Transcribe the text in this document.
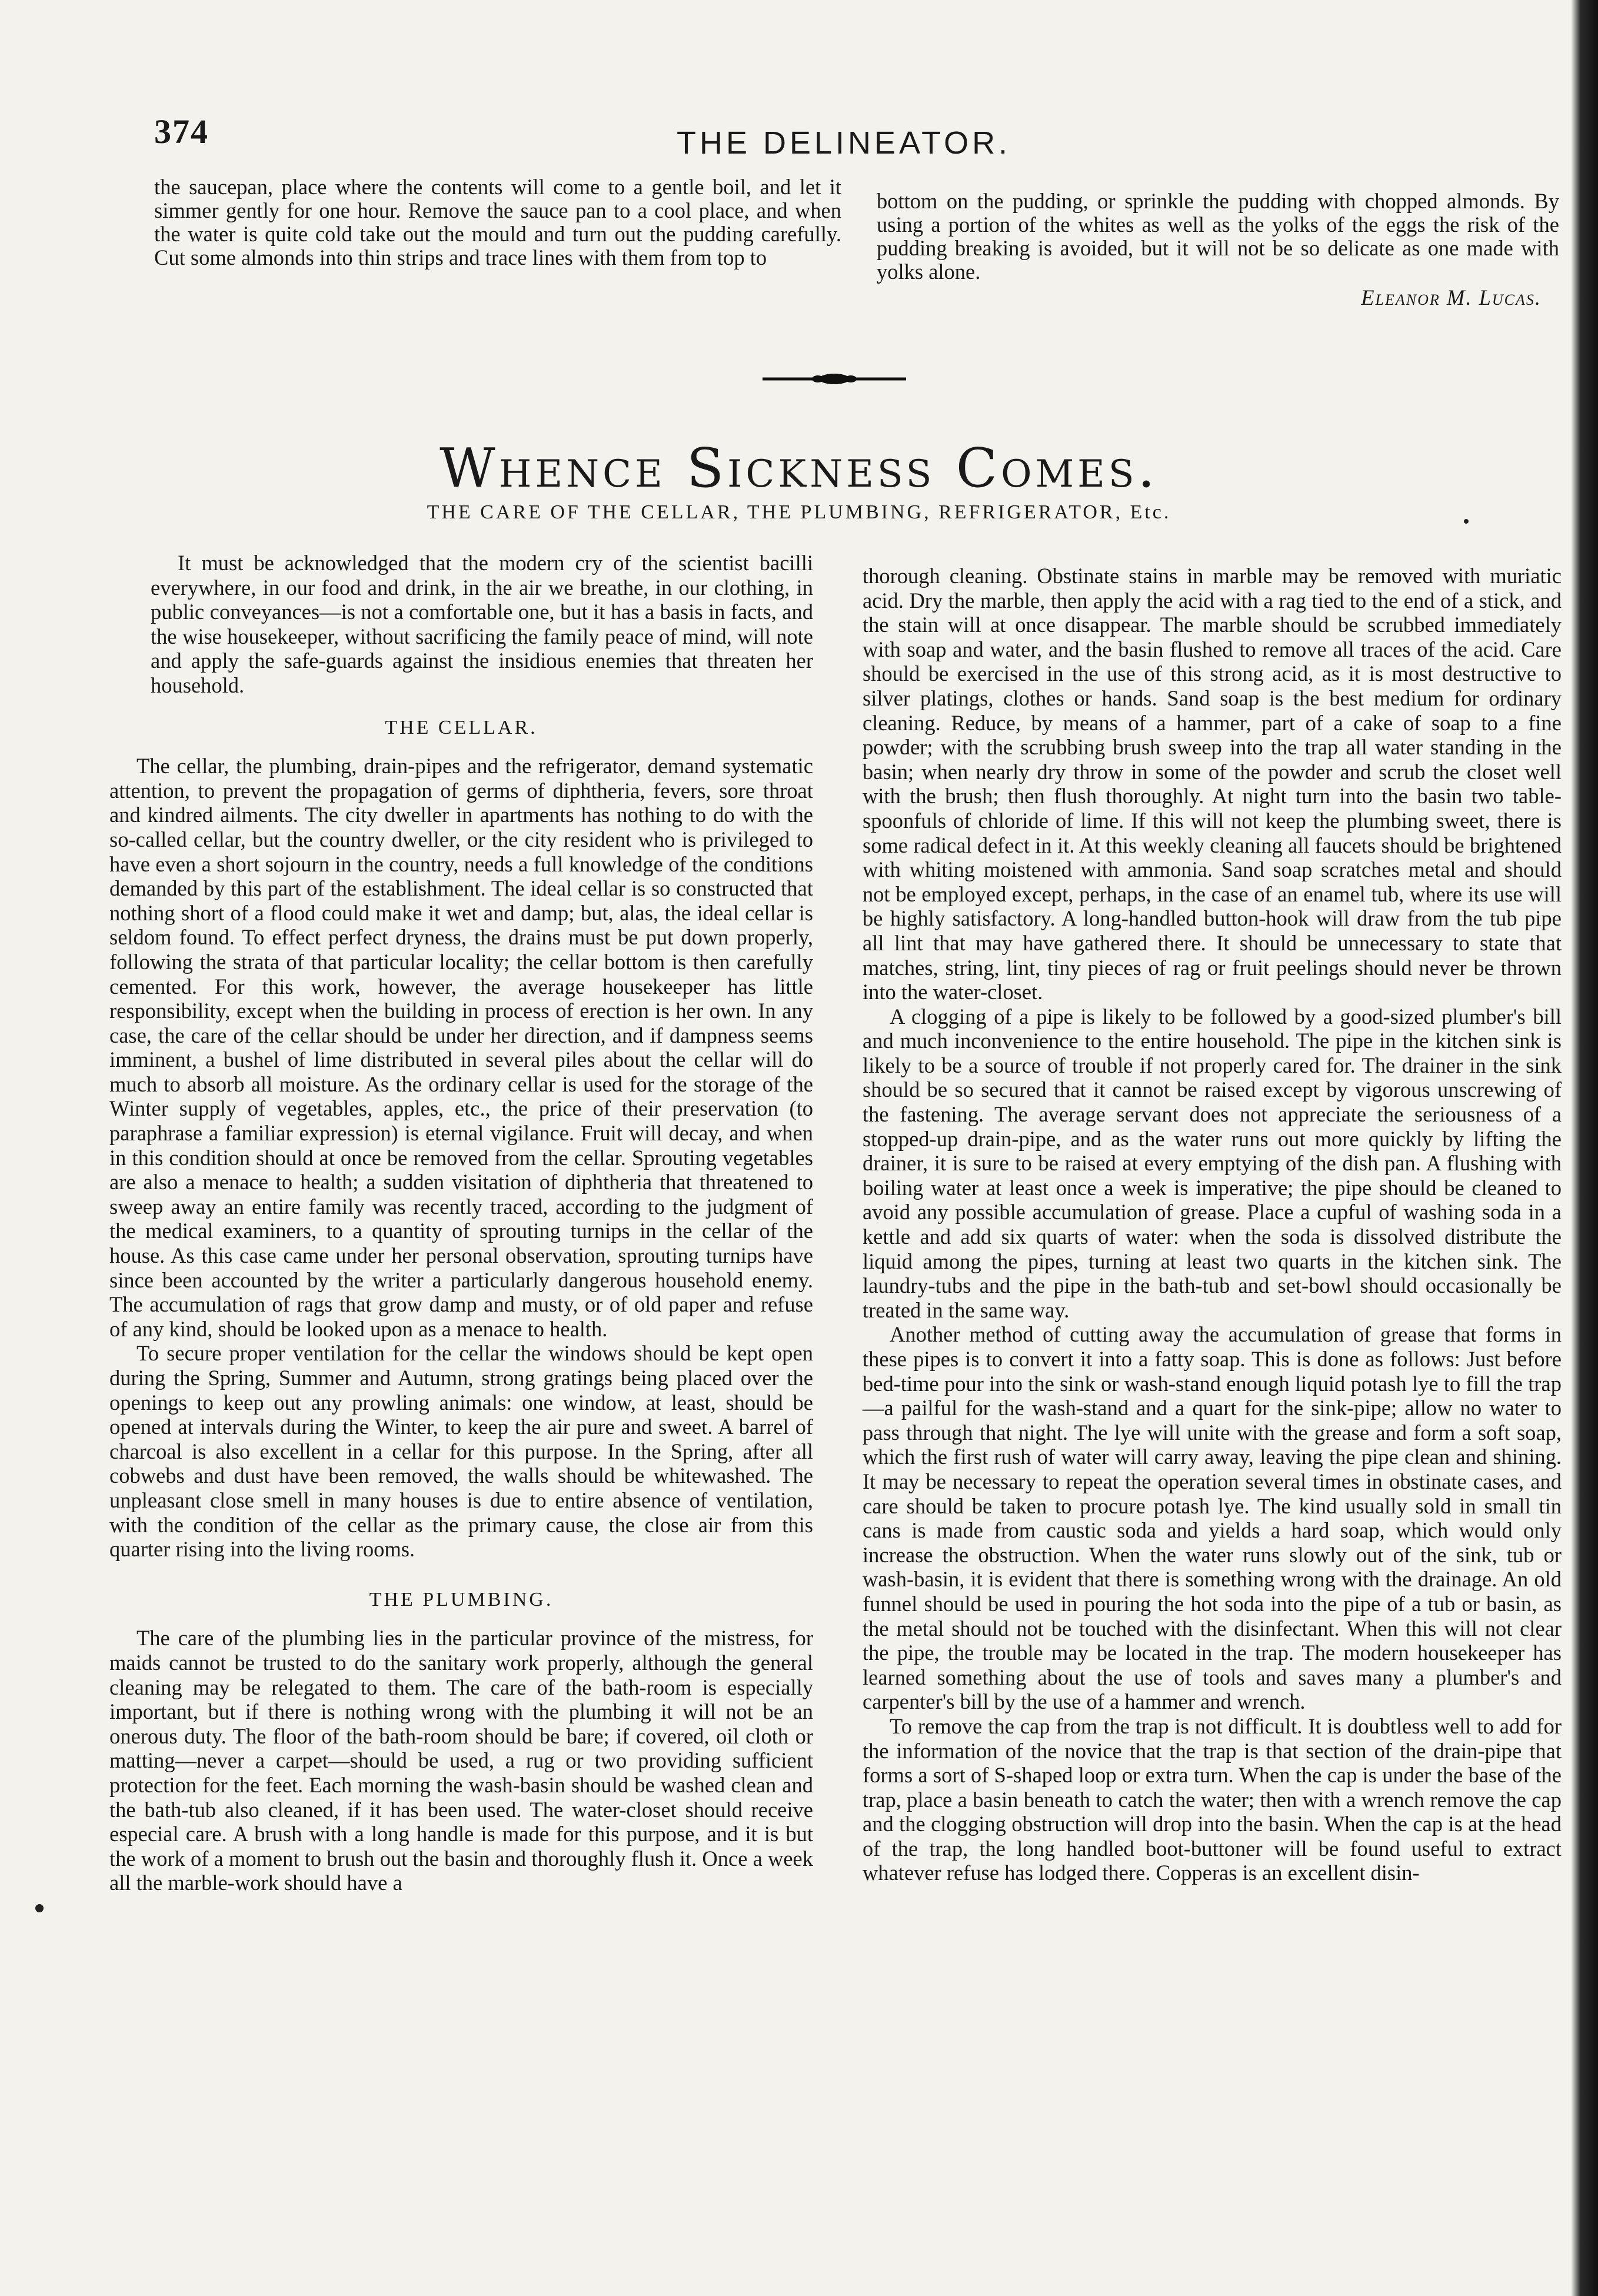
374	THE DELINEATOR.

the saucepan, place where the contents will come to a gentle boil, and let it simmer gently for one hour. Remove the sauce pan to a cool place, and when the water is quite cold take out the mould and turn out the pudding carefully. Cut some almonds into thin strips and trace lines with them from top to

bottom on the pudding, or sprinkle the pudding with chopped almonds. By using a portion of the whites as well as the yolks of the eggs the risk of the pudding breaking is avoided, but it will not be so delicate as one made with yolks alone.

Eleanor M. Lucas.
Whence Sickness Comes.
THE CARE OF THE CELLAR, THE PLUMBING, REFRIGERATOR, Etc.

It must be acknowledged that the modern cry of the scientist bacilli everywhere, in our food and drink, in the air we breathe, in our clothing, in public conveyances—is not a comfortable one, but it has a basis in facts, and the wise housekeeper, without sacrificing the family peace of mind, will note and apply the safe-guards against the insidious enemies that threaten her household.

THE CELLAR.

The cellar, the plumbing, drain-pipes and the refrigerator, demand systematic attention, to prevent the propagation of germs of diphtheria, fevers, sore throat and kindred ailments. The city dweller in apartments has nothing to do with the so-called cellar, but the country dweller, or the city resident who is privileged to have even a short sojourn in the country, needs a full knowledge of the conditions demanded by this part of the establishment. The ideal cellar is so constructed that nothing short of a flood could make it wet and damp; but, alas, the ideal cellar is seldom found. To effect perfect dryness, the drains must be put down properly, following the strata of that particular locality; the cellar bottom is then carefully cemented. For this work, however, the average housekeeper has little responsibility, except when the building in process of erection is her own. In any case, the care of the cellar should be under her direction, and if dampness seems imminent, a bushel of lime distributed in several piles about the cellar will do much to absorb all moisture. As the ordinary cellar is used for the storage of the Winter supply of vegetables, apples, etc., the price of their preservation (to paraphrase a familiar expression) is eternal vigilance. Fruit will decay, and when in this condition should at once be removed from the cellar. Sprouting vegetables are also a menace to health; a sudden visitation of diphtheria that threatened to sweep away an entire family was recently traced, according to the judgment of the medical examiners, to a quantity of sprouting turnips in the cellar of the house. As this case came under her personal observation, sprouting turnips have since been accounted by the writer a particularly dangerous household enemy. The accumulation of rags that grow damp and musty, or of old paper and refuse of any kind, should be looked upon as a menace to health.

To secure proper ventilation for the cellar the windows should be kept open during the Spring, Summer and Autumn, strong gratings being placed over the openings to keep out any prowling animals: one window, at least, should be opened at intervals during the Winter, to keep the air pure and sweet. A barrel of charcoal is also excellent in a cellar for this purpose. In the Spring, after all cobwebs and dust have been removed, the walls should be whitewashed. The unpleasant close smell in many houses is due to entire absence of ventilation, with the condition of the cellar as the primary cause, the close air from this quarter rising into the living rooms.

THE PLUMBING.

The care of the plumbing lies in the particular province of the mistress, for maids cannot be trusted to do the sanitary work properly, although the general cleaning may be relegated to them. The care of the bath-room is especially important, but if there is nothing wrong with the plumbing it will not be an onerous duty. The floor of the bath-room should be bare; if covered, oil cloth or matting—never a carpet—should be used, a rug or two providing sufficient protection for the feet. Each morning the wash-basin should be washed clean and the bath-tub also cleaned, if it has been used. The water-closet should receive especial care. A brush with a long handle is made for this purpose, and it is but the work of a moment to brush out the basin and thoroughly flush it. Once a week all the marble-work should have a

thorough cleaning. Obstinate stains in marble may be removed with muriatic acid. Dry the marble, then apply the acid with a rag tied to the end of a stick, and the stain will at once disappear. The marble should be scrubbed immediately with soap and water, and the basin flushed to remove all traces of the acid. Care should be exercised in the use of this strong acid, as it is most destructive to silver platings, clothes or hands. Sand soap is the best medium for ordinary cleaning. Reduce, by means of a hammer, part of a cake of soap to a fine powder; with the scrubbing brush sweep into the trap all water standing in the basin; when nearly dry throw in some of the powder and scrub the closet well with the brush; then flush thoroughly. At night turn into the basin two table-spoonfuls of chloride of lime. If this will not keep the plumbing sweet, there is some radical defect in it. At this weekly cleaning all faucets should be brightened with whiting moistened with ammonia. Sand soap scratches metal and should not be employed except, perhaps, in the case of an enamel tub, where its use will be highly satisfactory. A long-handled button-hook will draw from the tub pipe all lint that may have gathered there. It should be unnecessary to state that matches, string, lint, tiny pieces of rag or fruit peelings should never be thrown into the water-closet.

A clogging of a pipe is likely to be followed by a good-sized plumber's bill and much inconvenience to the entire household. The pipe in the kitchen sink is likely to be a source of trouble if not properly cared for. The drainer in the sink should be so secured that it cannot be raised except by vigorous unscrewing of the fastening. The average servant does not appreciate the seriousness of a stopped-up drain-pipe, and as the water runs out more quickly by lifting the drainer, it is sure to be raised at every emptying of the dish pan. A flushing with boiling water at least once a week is imperative; the pipe should be cleaned to avoid any possible accumulation of grease. Place a cupful of washing soda in a kettle and add six quarts of water: when the soda is dissolved distribute the liquid among the pipes, turning at least two quarts in the kitchen sink. The laundry-tubs and the pipe in the bath-tub and set-bowl should occasionally be treated in the same way.

Another method of cutting away the accumulation of grease that forms in these pipes is to convert it into a fatty soap. This is done as follows: Just before bed-time pour into the sink or wash-stand enough liquid potash lye to fill the trap—a pailful for the wash-stand and a quart for the sink-pipe; allow no water to pass through that night. The lye will unite with the grease and form a soft soap, which the first rush of water will carry away, leaving the pipe clean and shining. It may be necessary to repeat the operation several times in obstinate cases, and care should be taken to procure potash lye. The kind usually sold in small tin cans is made from caustic soda and yields a hard soap, which would only increase the obstruction. When the water runs slowly out of the sink, tub or wash-basin, it is evident that there is something wrong with the drainage. An old funnel should be used in pouring the hot soda into the pipe of a tub or basin, as the metal should not be touched with the disinfectant. When this will not clear the pipe, the trouble may be located in the trap. The modern housekeeper has learned something about the use of tools and saves many a plumber's and carpenter's bill by the use of a hammer and wrench.

To remove the cap from the trap is not difficult. It is doubtless well to add for the information of the novice that the trap is that section of the drain-pipe that forms a sort of S-shaped loop or extra turn. When the cap is under the base of the trap, place a basin beneath to catch the water; then with a wrench remove the cap and the clogging obstruction will drop into the basin. When the cap is at the head of the trap, the long handled boot-buttoner will be found useful to extract whatever refuse has lodged there. Copperas is an excellent disin-
